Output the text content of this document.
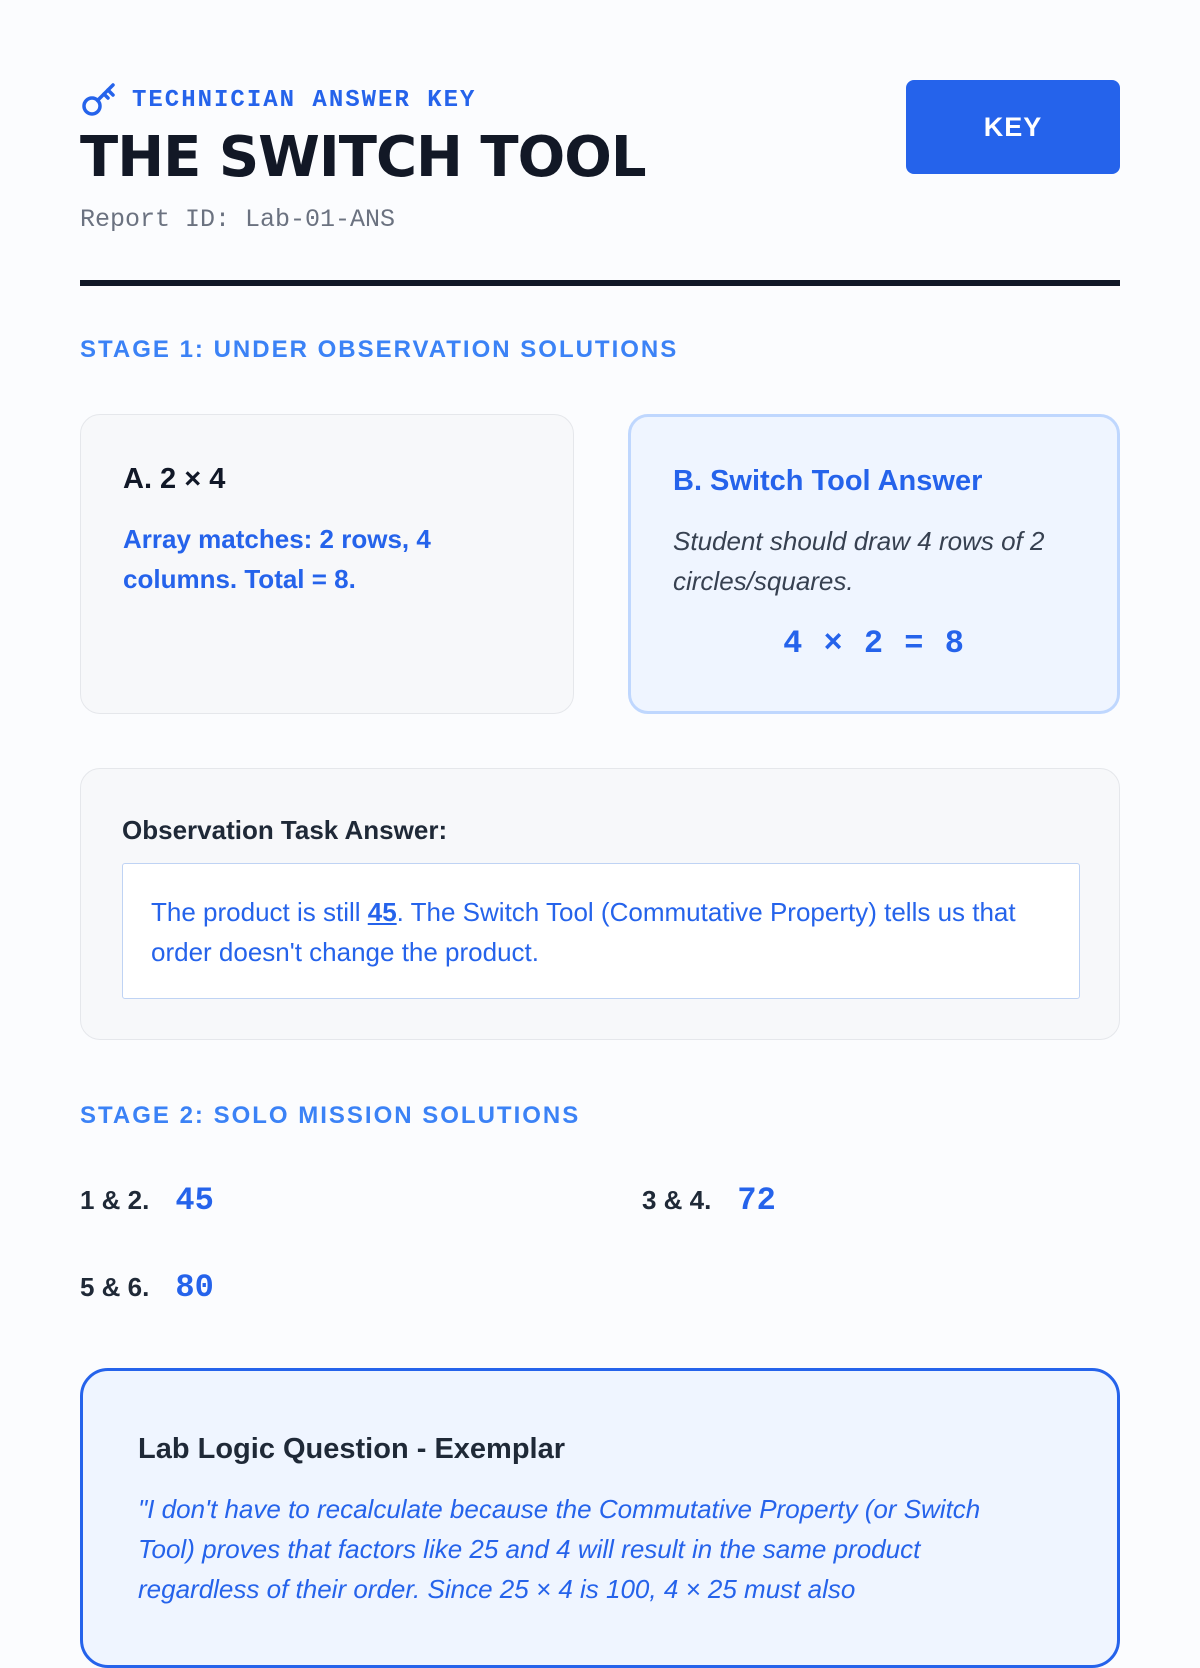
TECHNICIAN ANSWER KEY
THE SWITCH TOOL
Report ID: Lab-01-ANS
KEY
STAGE 1: UNDER OBSERVATION SOLUTIONS
A. 2 × 4
Array matches: 2 rows, 4 columns. Total = 8.
B. Switch Tool Answer
Student should draw 4 rows of 2 circles/squares.
4 × 2 = 8
Observation Task Answer:
The product is still 45. The Switch Tool (Commutative Property) tells us that order doesn't change the product.
STAGE 2: SOLO MISSION SOLUTIONS
1 & 2. 45	3 & 4. 72
5 & 6. 80
Lab Logic Question - Exemplar

"I don't have to recalculate because the Commutative Property (or Switch Tool) proves that factors like 25 and 4 will result in the same product regardless of their order. Since 25 × 4 is 100, 4 × 25 must also
